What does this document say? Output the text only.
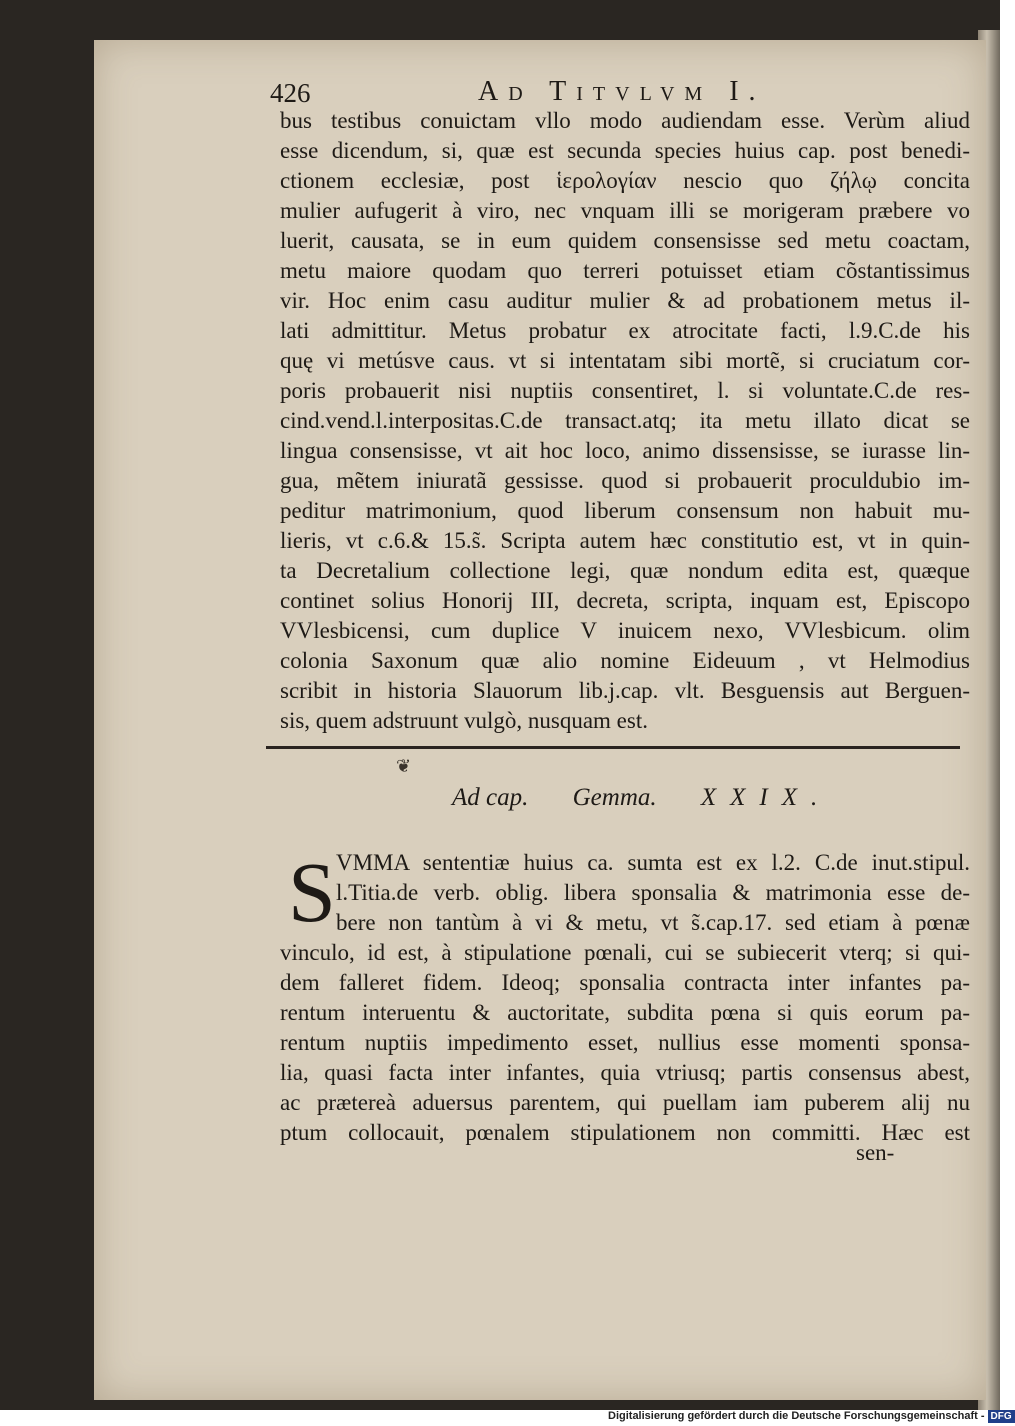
426	Ad Titvlvm I.
bus testibus conuictam vllo modo audiendam esse. Verùm aliud
esse dicendum, si, quæ est secunda species huius cap. post benedi-
ctionem ecclesiæ, post ἱερολογίαν nescio quo ζήλῳ concita
mulier aufugerit à viro, nec vnquam illi se morigeram præbere vo
luerit, causata, se in eum quidem consensisse sed metu coactam,
metu maiore quodam quo terreri potuisset etiam cõstantissimus
vir. Hoc enim casu auditur mulier & ad probationem metus il-
lati admittitur. Metus probatur ex atrocitate facti, l.9.C.de his
quę vi metúsve caus. vt si intentatam sibi mortẽ, si cruciatum cor-
poris probauerit nisi nuptiis consentiret, l. si voluntate.C.de res-
cind.vend.l.interpositas.C.de transact.atq; ita metu illato dicat se
lingua consensisse, vt ait hoc loco, animo dissensisse, se iurasse lin-
gua, mẽtem iniuratã gessisse. quod si probauerit proculdubio im-
peditur matrimonium, quod liberum consensum non habuit mu-
lieris, vt c.6.& 15.s̃. Scripta autem hæc constitutio est, vt in quin-
ta Decretalium collectione legi, quæ nondum edita est, quæque
continet solius Honorij III, decreta, scripta, inquam est, Episcopo
VVlesbicensi, cum duplice V inuicem nexo, VVlesbicum. olim
colonia Saxonum quæ alio nomine Eideuum , vt Helmodius
scribit in historia Slauorum lib.j.cap. vlt. Besguensis aut Berguen-
sis, quem adstruunt vulgò, nusquam est.
❦
Ad cap. Gemma. XXIX.
S VMMA sententiæ huius ca. sumta est ex l.2. C.de inut.stipul.
l.Titia.de verb. oblig. libera sponsalia & matrimonia esse de-
bere non tantùm à vi & metu, vt s̃.cap.17. sed etiam à pœnæ
vinculo, id est, à stipulatione pœnali, cui se subiecerit vterq; si qui-
dem falleret fidem. Ideoq; sponsalia contracta inter infantes pa-
rentum interuentu & auctoritate, subdita pœna si quis eorum pa-
rentum nuptiis impedimento esset, nullius esse momenti sponsa-
lia, quasi facta inter infantes, quia vtriusq; partis consensus abest,
ac prætereà aduersus parentem, qui puellam iam puberem alij nu
ptum collocauit, pœnalem stipulationem non committi. Hæc est
sen-
Digitalisierung gefördert durch die Deutsche Forschungsgemeinschaft - DFG
